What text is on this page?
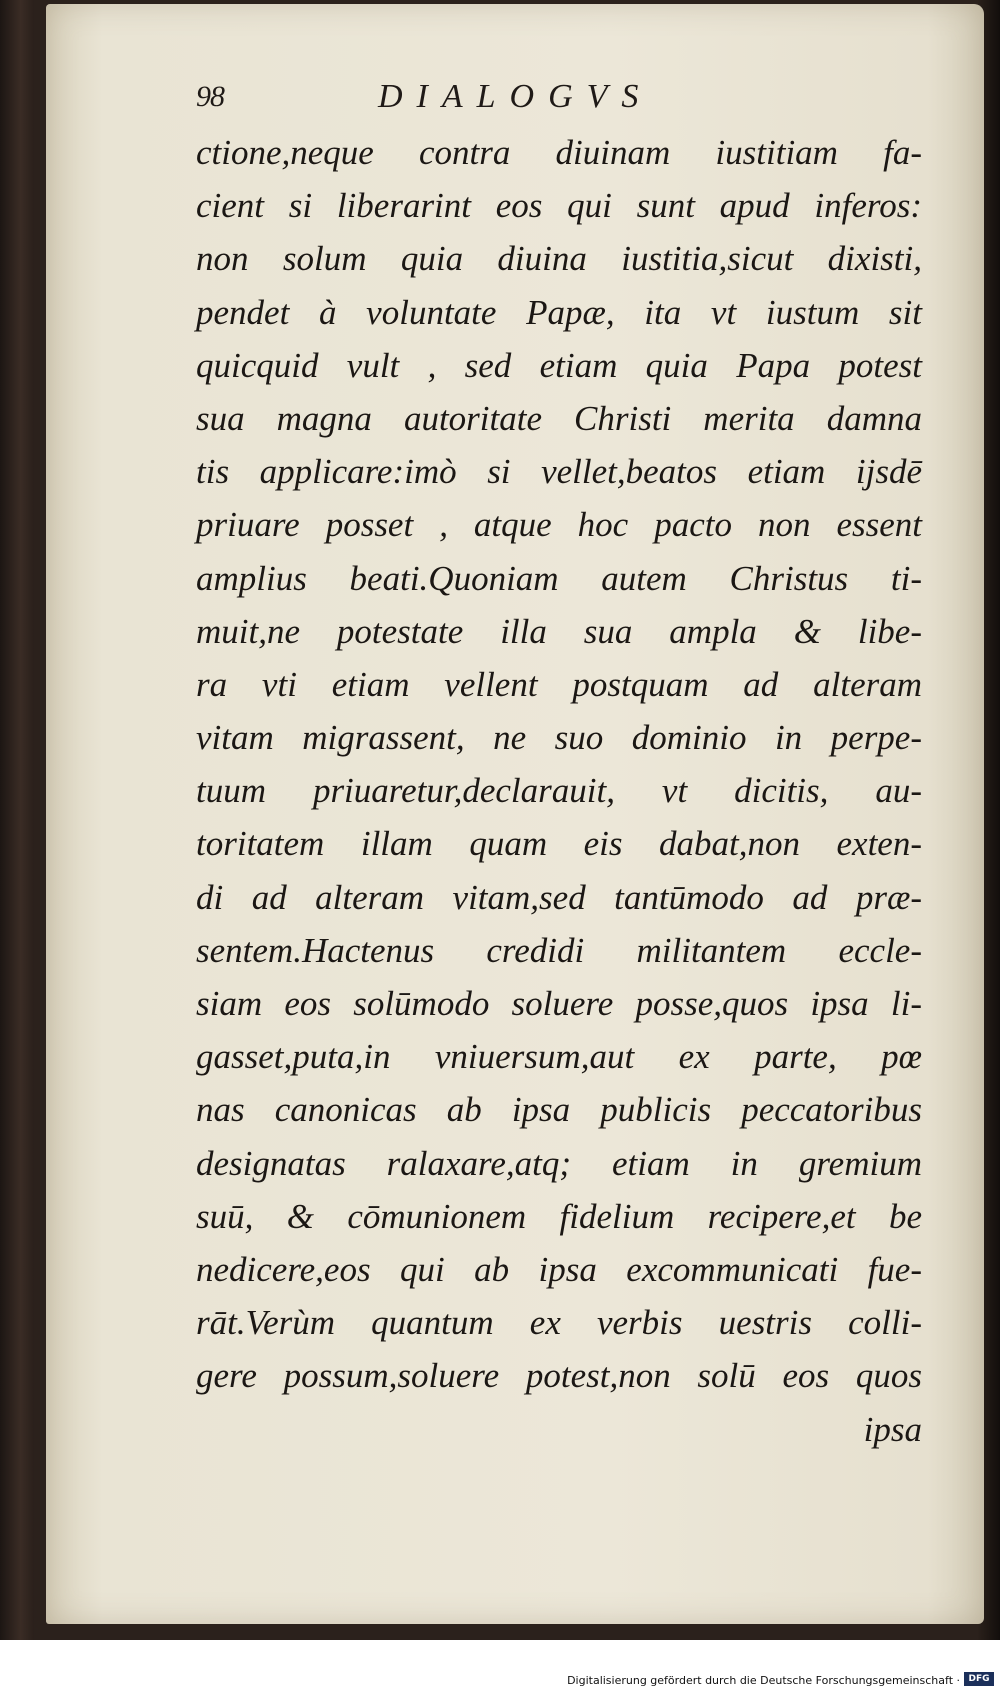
98	DIALOGVS
ctione,neque contra diuinam iustitiam fa-
cient si liberarint eos qui sunt apud inferos:
non solum quia diuina iustitia,sicut dixisti,
pendet à voluntate Papæ, ita vt iustum sit
quicquid vult , sed etiam quia Papa potest
sua magna autoritate Christi merita damna
tis applicare:imò si vellet,beatos etiam ijsdē
priuare posset , atque hoc pacto non essent
amplius beati.Quoniam autem Christus ti-
muit,ne potestate illa sua ampla & libe-
ra vti etiam vellent postquam ad alteram
vitam migrassent, ne suo dominio in perpe-
tuum priuaretur,declarauit, vt dicitis, au-
toritatem illam quam eis dabat,non exten-
di ad alteram vitam,sed tantūmodo ad præ-
sentem.Hactenus credidi militantem eccle-
siam eos solūmodo soluere posse,quos ipsa li-
gasset,puta,in vniuersum,aut ex parte, pœ
nas canonicas ab ipsa publicis peccatoribus
designatas ralaxare,atq; etiam in gremium
suū, & cōmunionem fidelium recipere,et be
nedicere,eos qui ab ipsa excommunicati fue-
rāt.Verùm quantum ex verbis uestris colli-
gere possum,soluere potest,non solū eos quos
ipsa
Digitalisierung gefördert durch die Deutsche Forschungsgemeinschaft · DFG
